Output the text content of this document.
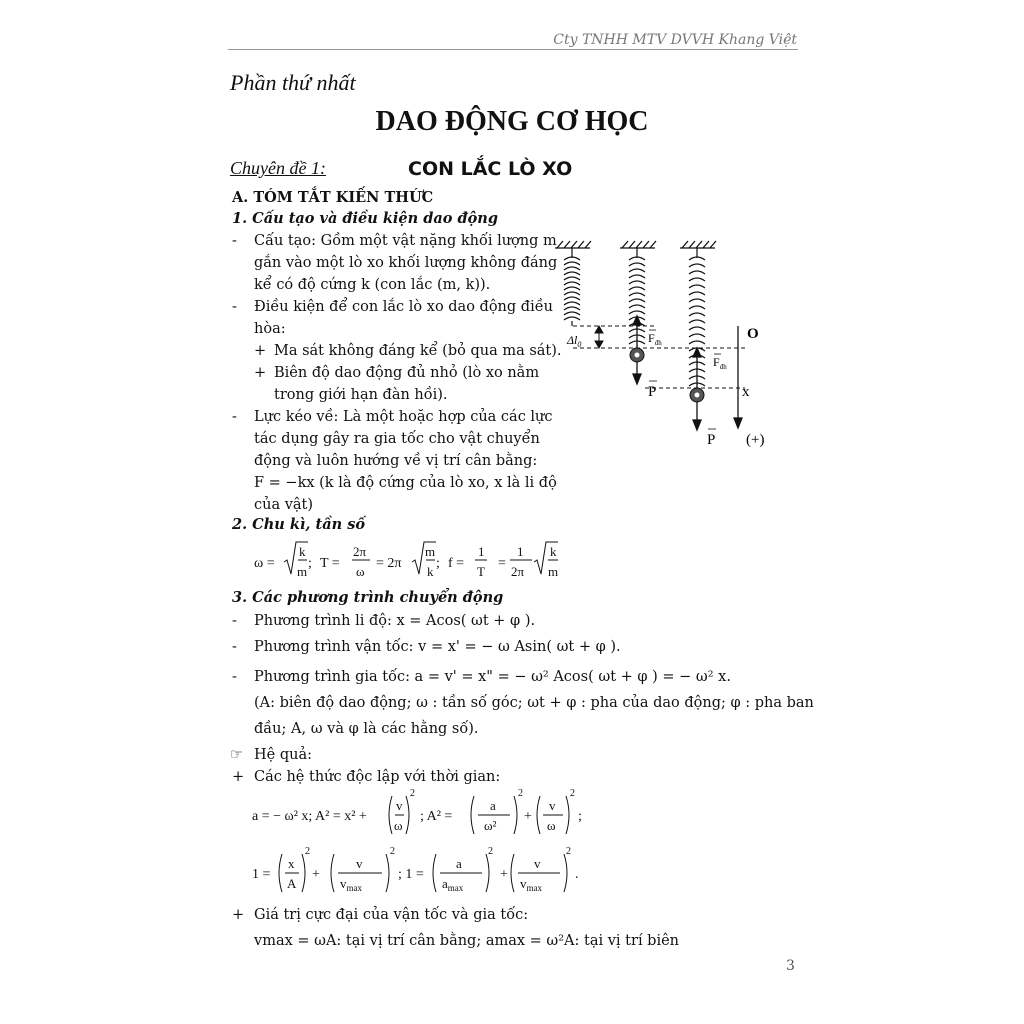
Cty TNHH MTV DVVH Khang Việt
Phần thứ nhất
DAO ĐỘNG CƠ HỌC
Chuyên đề 1:	CON LẮC LÒ XO
A. TÓM TẮT KIẾN THỨC
1. Cấu tạo và điều kiện dao động
- Cấu tạo: Gồm một vật nặng khối lượng m
gắn vào một lò xo khối lượng không đáng
kể có độ cứng k (con lắc (m, k)).
- Điều kiện để con lắc lò xo dao động điều
hòa:
+ Ma sát không đáng kể (bỏ qua ma sát).
+ Biên độ dao động đủ nhỏ (lò xo nằm
trong giới hạn đàn hồi).
- Lực kéo về: Là một hoặc hợp của các lực
tác dụng gây ra gia tốc cho vật chuyển
động và luôn hướng về vị trí cân bằng:
F = −kx (k là độ cứng của lò xo, x là li độ
của vật)
$\Delta l_0$	$F_{đh}$
$F_{đh}$
P
P
O
x
(+)
2. Chu kì, tần số
ω = ; T =	= 2π ; f = =
k
m
2π
ω
m
k
1
T
1
2π
k
m
3. Các phương trình chuyển động
- Phương trình li độ: x = Acos( ωt + φ ).
- Phương trình vận tốc: v = x' = − ω Asin( ωt + φ ).
- Phương trình gia tốc: a = v' = x" = − ω² Acos( ωt + φ ) = − ω² x.
(A: biên độ dao động; ω : tần số góc; ωt + φ : pha của dao động; φ : pha ban
đầu; A, ω và φ là các hằng số).
☞ Hệ quả:
+ Các hệ thức độc lập với thời gian:
a = − ω² x; A² = x² +	; A² =	+	;
1 =	+	; 1 =	+	.
2	2	2
2	2	2	2
v
ω
a
ω²
v
ω
x
A
v
$v_{max}$
a
$a_{max}$
v
$v_{max}$
+ Giá trị cực đại của vận tốc và gia tốc:
vmax = ωA: tại vị trí cân bằng; amax = ω²A: tại vị trí biên
3
